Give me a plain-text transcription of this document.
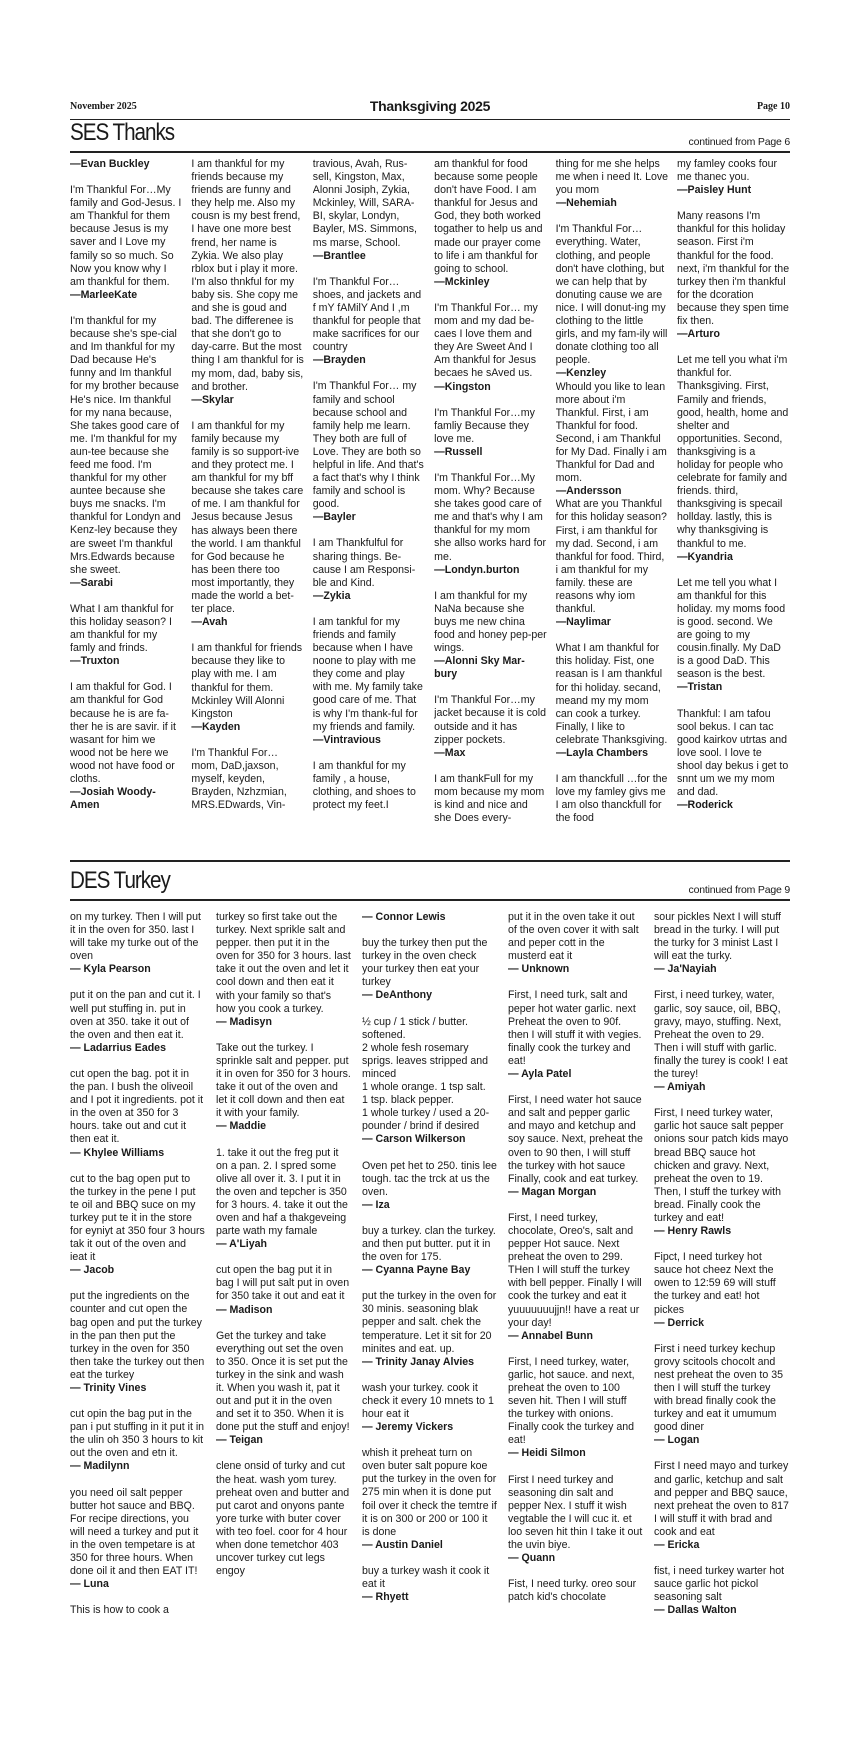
November 2025	Thanksgiving 2025	Page 10
SES Thanks	continued from Page 6
—Evan Buckley
I'm Thankful For…My family and God-Jesus. I am Thankful for them because Jesus is my saver and I Love my family so so much. So Now you know why I am thankful for them.
—MarleeKate
I'm thankful for my because she's spe-cial and Im thankful for my Dad because He's funny and Im thankful for my brother because He's nice. Im thankful for my nana because, She takes good care of me. I'm thankful for my aun-tee because she feed me food. I'm thankful for my other auntee because she buys me snacks. I'm thankful for Londyn and Kenz-ley because they are sweet I'm thankful Mrs.Edwards because she sweet.
—Sarabi
What I am thankful for this holiday season? I am thankful for my famly and frinds.
—Truxton
I am thakful for God. I am thankful for God because he is are fa-ther he is are savir. if it wasant for him we wood not be here we wood not have food or cloths.
—Josiah Woody-Amen
I am thankful for my friends because my friends are funny and they help me. Also my cousn is my best frend, I have one more best frend, her name is Zykia. We also play rblox but i play it more. I'm also thnkful for my baby sis. She copy me and she is goud and bad. The differenee is that she don't go to day-carre. But the most thing I am thankful for is my mom, dad, baby sis, and brother.
—Skylar
I am thankful for my family because my family is so support-ive and they protect me. I am thankful for my bff because she takes care of me. I am thankful for Jesus because Jesus has always been there the world. I am thankful for God because he has been there too most importantly, they made the world a bet-ter place.
—Avah
I am thankful for friends because they like to play with me. I am thankful for them. Mckinley Will Alonni Kingston
—Kayden
I'm Thankful For… mom, DaD,jaxson, myself, keyden, Brayden, Nzhzmian, MRS.EDwards, Vin-
travious, Avah, Rus-sell, Kingston, Max, Alonni Josiph, Zykia, Mckinley, Will, SARA-BI, skylar, Londyn, Bayler, MS. Simmons, ms marse, School.
—Brantlee
I'm Thankful For… shoes, and jackets and f mY fAMilY And I ,m thankful for people that make sacrifices for our country
—Brayden
I'm Thankful For… my family and school because school and family help me learn. They both are full of Love. They are both so helpful in life. And that's a fact that's why I think family and school is good.
—Bayler
I am Thankfulful for sharing things. Be-cause I am Responsi-ble and Kind.
—Zykia
I am tankful for my friends and family because when I have noone to play with me they come and play with me. My family take good care of me. That is why I'm thank-ful for my friends and family.
—Vintravious
I am thankful for my family , a house, clothing, and shoes to protect my feet.I
am thankful for food because some people don't have Food. I am thankful for Jesus and God, they both worked togather to help us and made our prayer come to life i am thankful for going to school.
—Mckinley
I'm Thankful For… my mom and my dad be-caes I love them and they Are Sweet And I Am thankful for Jesus becaes he sAved us.
—Kingston
I'm Thankful For…my famliy Because they love me.
—Russell
I'm Thankful For…My mom. Why? Because she takes good care of me and that's why I am thankful for my mom she allso works hard for me.
—Londyn.burton
I am thankful for my NaNa because she buys me new china food and honey pep-per wings.
—Alonni Sky Mar-bury
I'm Thankful For…my jacket because it is cold outside and it has zipper pockets.
—Max
I am thankFull for my mom because my mom is kind and nice and she Does every-
thing for me she helps me when i need It. Love you mom
—Nehemiah
I'm Thankful For… everything. Water, clothing, and people don't have clothing, but we can help that by donuting cause we are nice. I will donut-ing my clothing to the little girls, and my fam-ily will donate clothing too all people.
—Kenzley
Whould you like to lean more about i'm Thankful. First, i am Thankful for food. Second, i am Thankful for My Dad. Finally i am Thankful for Dad and mom.
—Andersson
What are you Thankful for this holiday season? First, i am thankful for my dad. Second, i am thankful for food. Third, i am thankful for my family. these are reasons why iom thankful.
—Naylimar
What I am thankful for this holiday. Fist, one reasan is I am thankful for thi holiday. secand, meand my my mom can cook a turkey. Finally, I like to celebrate Thanksgiving.
—Layla Chambers
I am thanckfull …for the love my famley givs me I am olso thanckfull for the food
my famley cooks four me thanec you.
—Paisley Hunt
Many reasons I'm thankful for this holiday season. First i'm thankful for the food. next, i'm thankful for the turkey then i'm thankful for the dcoration because they spen time fix then.
—Arturo
Let me tell you what i'm thankful for. Thanksgiving. First, Family and friends, good, health, home and shelter and opportunities. Second, thanksgiving is a holiday for people who celebrate for family and friends. third, thanksgiving is specail hollday. lastly, this is why thanksgiving is thankful to me.
—Kyandria
Let me tell you what I am thankful for this holiday. my moms food is good. second. We are going to my cousin.finally. My DaD is a good DaD. This season is the best.
—Tristan
Thankful: I am tafou sool bekus. I can tac good kairkov utrtas and love sool. I love te shool day bekus i get to snnt um we my mom and dad.
—Roderick
DES Turkey	continued from Page 9
on my turkey. Then I will put it in the oven for 350. last I will take my turke out of the oven
— Kyla Pearson
put it on the pan and cut it. I well put stuffing in. put in oven at 350. take it out of the oven and then eat it.
— Ladarrius Eades
cut open the bag. pot it in the pan. I bush the oliveoil and I pot it ingredients. pot it in the oven at 350 for 3 hours. take out and cut it then eat it.
— Khylee Williams
cut to the bag open put to the turkey in the pene I put te oil and BBQ suce on my turkey put te it in the store for eyniyt at 350 four 3 hours tak it out of the oven and ieat it
— Jacob
put the ingredients on the counter and cut open the bag open and put the turkey in the pan then put the turkey in the oven for 350 then take the turkey out then eat the turkey
— Trinity Vines
cut opin the bag put in the pan i put stuffing in it put it in the ulin oh 350 3 hours to kit out the oven and etn it.
— Madilynn
you need oil salt pepper butter hot sauce and BBQ. For recipe directions, you will need a turkey and put it in the oven tempetare is at 350 for three hours. When done oil it and then EAT IT!
— Luna
This is how to cook a
turkey so first take out the turkey. Next sprikle salt and pepper. then put it in the oven for 350 for 3 hours. last take it out the oven and let it cool down and then eat it with your family so that's how you cook a turkey.
— Madisyn
Take out the turkey. I sprinkle salt and pepper. put it in oven for 350 for 3 hours. take it out of the oven and let it coll down and then eat it with your family.
— Maddie
1. take it out the freg put it on a pan. 2. I spred some olive all over it. 3. I put it in the oven and tepcher is 350 for 3 hours. 4. take it out the oven and haf a thakgeveing parte wath my famale
— A'Liyah
cut open the bag put it in bag I will put salt put in oven for 350 take it out and eat it
— Madison
Get the turkey and take everything out set the oven to 350. Once it is set put the turkey in the sink and wash it. When you wash it, pat it out and put it in the oven and set it to 350. When it is done put the stuff and enjoy!
— Teigan
clene onsid of turky and cut the heat. wash yom turey. preheat oven and butter and put carot and onyons pante yore turke with buter cover with teo foel. coor for 4 hour when done temetchor 403 uncover turkey cut legs engoy
— Connor Lewis
buy the turkey then put the turkey in the oven check your turkey then eat your turkey
— DeAnthony
½ cup / 1 stick / butter. softened.
2 whole fesh rosemary sprigs. leaves stripped and minced
1 whole orange. 1 tsp salt.
1 tsp. black pepper.
1 whole turkey / used a 20-pounder / brind if desired
— Carson Wilkerson
Oven pet het to 250. tinis lee tough. tac the trck at us the oven.
— Iza
buy a turkey. clan the turkey. and then put butter. put it in the oven for 175.
— Cyanna Payne Bay
put the turkey in the oven for 30 minis. seasoning blak pepper and salt. chek the temperature. Let it sit for 20 minites and eat. up.
— Trinity Janay Alvies
wash your turkey. cook it check it every 10 mnets to 1 hour eat it
— Jeremy Vickers
whish it preheat turn on oven buter salt popure koe put the turkey in the oven for 275 min when it is done put foil over it check the temtre if it is on 300 or 200 or 100 it is done
— Austin Daniel
buy a turkey wash it cook it eat it
— Rhyett
put it in the oven take it out of the oven cover it with salt and peper cott in the musterd eat it
— Unknown
First, I need turk, salt and peper hot water garlic. next Preheat the oven to 90f. then I will stuff it with vegies. finally cook the turkey and eat!
— Ayla Patel
First, I need water hot sauce and salt and pepper garlic and mayo and ketchup and soy sauce. Next, preheat the oven to 90 then, I will stuff the turkey with hot sauce Finally, cook and eat turkey.
— Magan Morgan
First, I need turkey, chocolate, Oreo's, salt and pepper Hot sauce. Next preheat the oven to 299. THen I will stuff the turkey with bell pepper. Finally I will cook the turkey and eat it yuuuuuuujjn!! have a reat ur your day!
— Annabel Bunn
First, I need turkey, water, garlic, hot sauce. and next, preheat the oven to 100 seven hit. Then I will stuff the turkey with onions. Finally cook the turkey and eat!
— Heidi Silmon
First I need turkey and seasoning din salt and pepper Nex. I stuff it wish vegtable the I will cuc it. et loo seven hit thin I take it out the uvin biye.
— Quann
Fist, I need turky. oreo sour patch kid's chocolate
sour pickles Next I will stuff bread in the turky. I will put the turky for 3 minist Last I will eat the turky.
— Ja'Nayiah
First, i need turkey, water, garlic, soy sauce, oil, BBQ, gravy, mayo, stuffing. Next, Preheat the oven to 29. Then i will stuff with garlic. finally the turey is cook! I eat the turey!
— Amiyah
First, I need turkey water, garlic hot sauce salt pepper onions sour patch kids mayo bread BBQ sauce hot chicken and gravy. Next, preheat the oven to 19. Then, I stuff the turkey with bread. Finally cook the turkey and eat!
— Henry Rawls
Fipct, I need turkey hot sauce hot cheez Next the owen to 12:59 69 will stuff the turkey and eat! hot pickes
— Derrick
First i need turkey kechup grovy scitools chocolt and nest preheat the oven to 35 then I will stuff the turkey with bread finally cook the turkey and eat it umumum good diner
— Logan
First I need mayo and turkey and garlic, ketchup and salt and pepper and BBQ sauce, next preheat the oven to 817 I will stuff it with brad and cook and eat
— Ericka
fist, i need turkey warter hot sauce garlic hot pickol seasoning salt
— Dallas Walton
